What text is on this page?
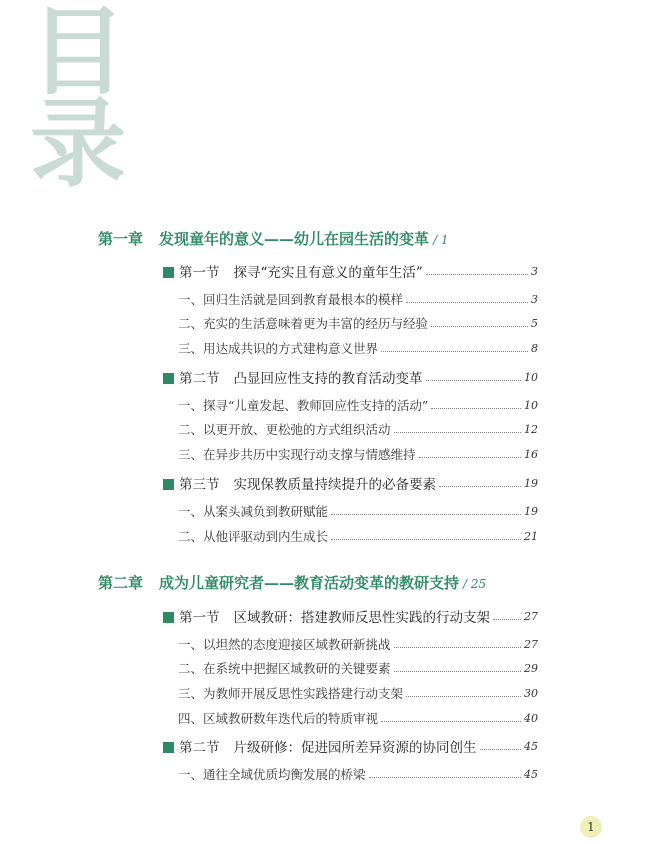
目
录
第一章 发现童年的意义——幼儿在园生活的变革 / 1
第一节 探寻“充实且有意义的童年生活”	3
一、回归生活就是回到教育最根本的模样	3
二、充实的生活意味着更为丰富的经历与经验	5
三、用达成共识的方式建构意义世界	8
第二节 凸显回应性支持的教育活动变革	10
一、探寻“儿童发起、教师回应性支持的活动”	10
二、以更开放、更松弛的方式组织活动	12
三、在异步共历中实现行动支撑与情感维持	16
第三节 实现保教质量持续提升的必备要素	19
一、从案头减负到教研赋能	19
二、从他评驱动到内生成长	21
第二章 成为儿童研究者——教育活动变革的教研支持 / 25
第一节 区域教研：搭建教师反思性实践的行动支架	27
一、以坦然的态度迎接区域教研新挑战	27
二、在系统中把握区域教研的关键要素	29
三、为教师开展反思性实践搭建行动支架	30
四、区域教研数年迭代后的特质审视	40
第二节 片级研修：促进园所差异资源的协同创生	45
一、通往全域优质均衡发展的桥梁	45
1
